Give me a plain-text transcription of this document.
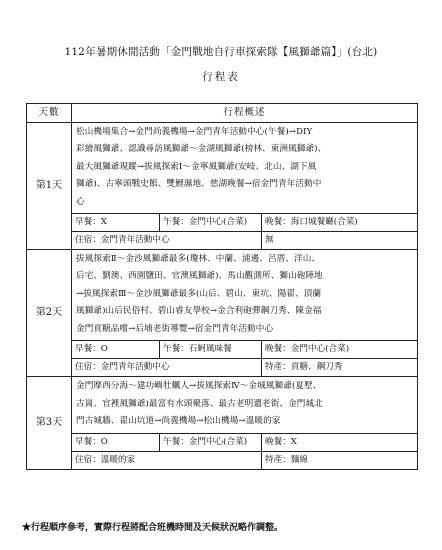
112年暑期休閒活動「金門戰地自行車探索隊【風獅爺篇】」(台北)
行程表
天數	行程概述		
第1天	松山機場集合→金門尚義機場→金門青年活動中心(午餐)→DIY
彩繪風獅爺、認識尋訪風獅爺～金湖風獅爺(榜林、東洲風獅爺)、
最大風獅爺現蹤→拔風探索Ⅰ～金寧風獅爺(安岐、北山、湖下風
獅爺)、古寧頭戰史館、雙鯉濕地、慈湖晚餐→宿金門青年活動中
心		
	早餐：X	午餐：金門中心(合菜)	晚餐：海口城餐廳(合菜)
	住宿：金門青年活動中心		無
第2天	拔風探索Ⅱ～金沙風獅爺最多(瓊林、中蘭、浦邊、呂厝、洋山、
后宅、劉澳、西園鹽田、官澳風獅爺)、馬山觀測所、獅山砲陣地
→拔風探索Ⅲ～金沙風獅爺最多(山后、碧山、東坑、陽翟、頂蘭
風獅爺)山后民俗村、碧山睿友學校→金合利砲彈鋼刀秀、陳金福
金門貢糖品嚐→后埔老街導覽→宿金門青年活動中心		
	早餐：O	午餐：石蚵風味餐	晚餐：金門中心(合菜)
	住宿：金門青年活動中心		特產：貢糖、鋼刀秀
第3天	金門摩西分海～建功嶼牡蠣人→拔風探索Ⅳ～金城風獅爺(夏墅、
古崗、官裡風獅爺)最富有水頭聚落、最古老明遺老街、金門城北
門古城牆、翟山坑道→尚義機場→松山機場→溫暖的家		
	早餐：O	午餐：金門中心(合菜)	晚餐：X
	住宿：溫暖的家		特產：麵線
★行程順序參考，實際行程將配合班機時間及天候狀況略作調整。
